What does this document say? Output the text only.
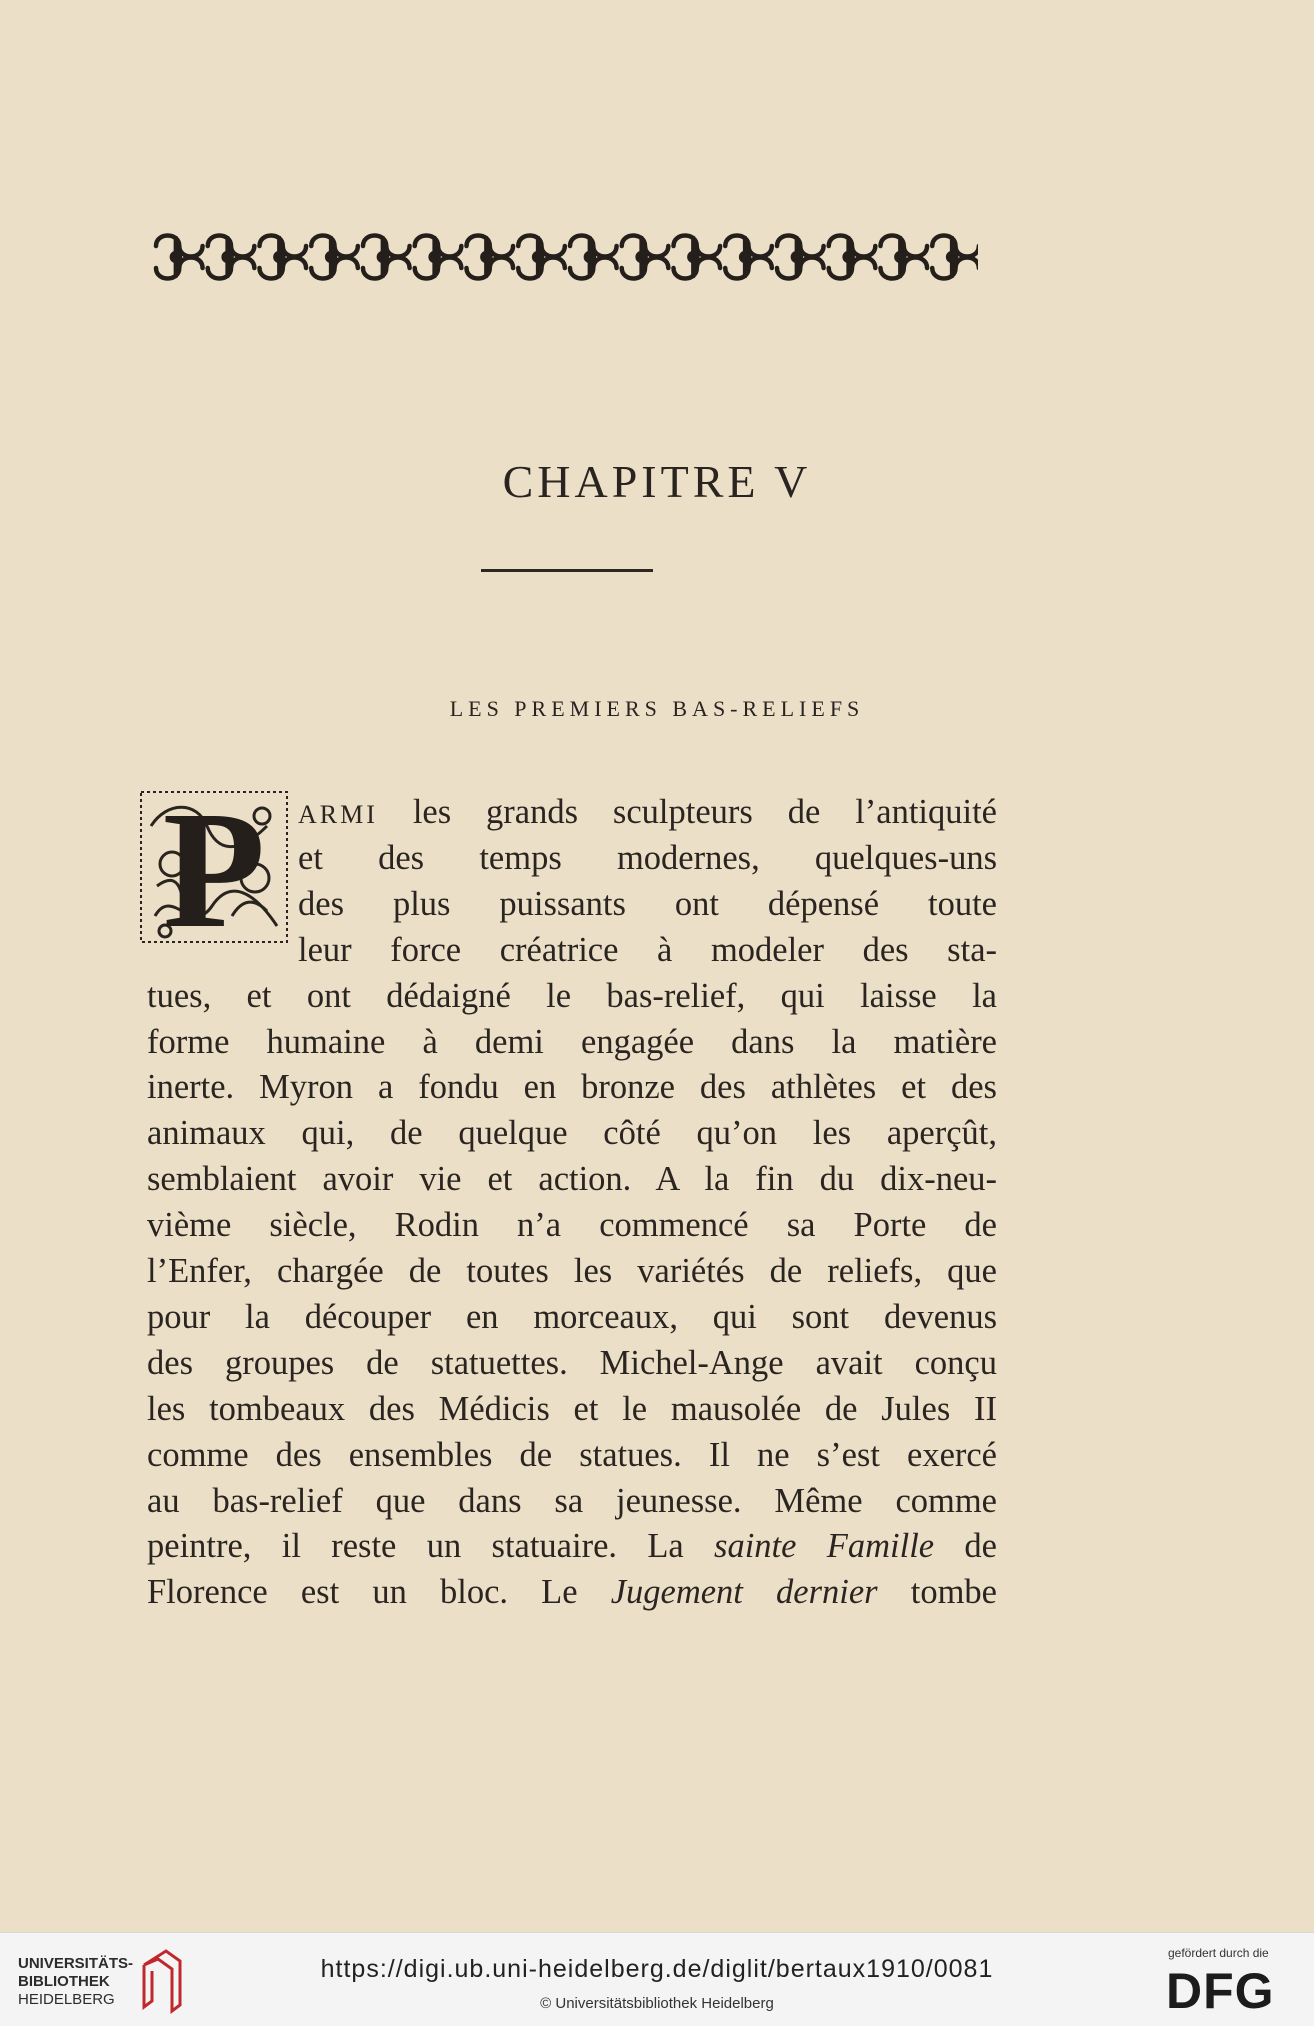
CHAPITRE V
LES PREMIERS BAS-RELIEFS
P ARMI les grands sculpteurs de l’antiquité
et des temps modernes, quelques-uns
des plus puissants ont dépensé toute
leur force créatrice à modeler des sta-
tues, et ont dédaigné le bas-relief, qui laisse la
forme humaine à demi engagée dans la matière
inerte. Myron a fondu en bronze des athlètes et des
animaux qui, de quelque côté qu’on les aperçût,
semblaient avoir vie et action. A la fin du dix-neu-
vième siècle, Rodin n’a commencé sa Porte de
l’Enfer, chargée de toutes les variétés de reliefs, que
pour la découper en morceaux, qui sont devenus
des groupes de statuettes. Michel-Ange avait conçu
les tombeaux des Médicis et le mausolée de Jules II
comme des ensembles de statues. Il ne s’est exercé
au bas-relief que dans sa jeunesse. Même comme
peintre, il reste un statuaire. La sainte Famille de
Florence est un bloc. Le Jugement dernier tombe
UNIVERSITÄTS-
BIBLIOTHEK
HEIDELBERG
https://digi.ub.uni-heidelberg.de/diglit/bertaux1910/0081
© Universitätsbibliothek Heidelberg
gefördert durch die
DFG
